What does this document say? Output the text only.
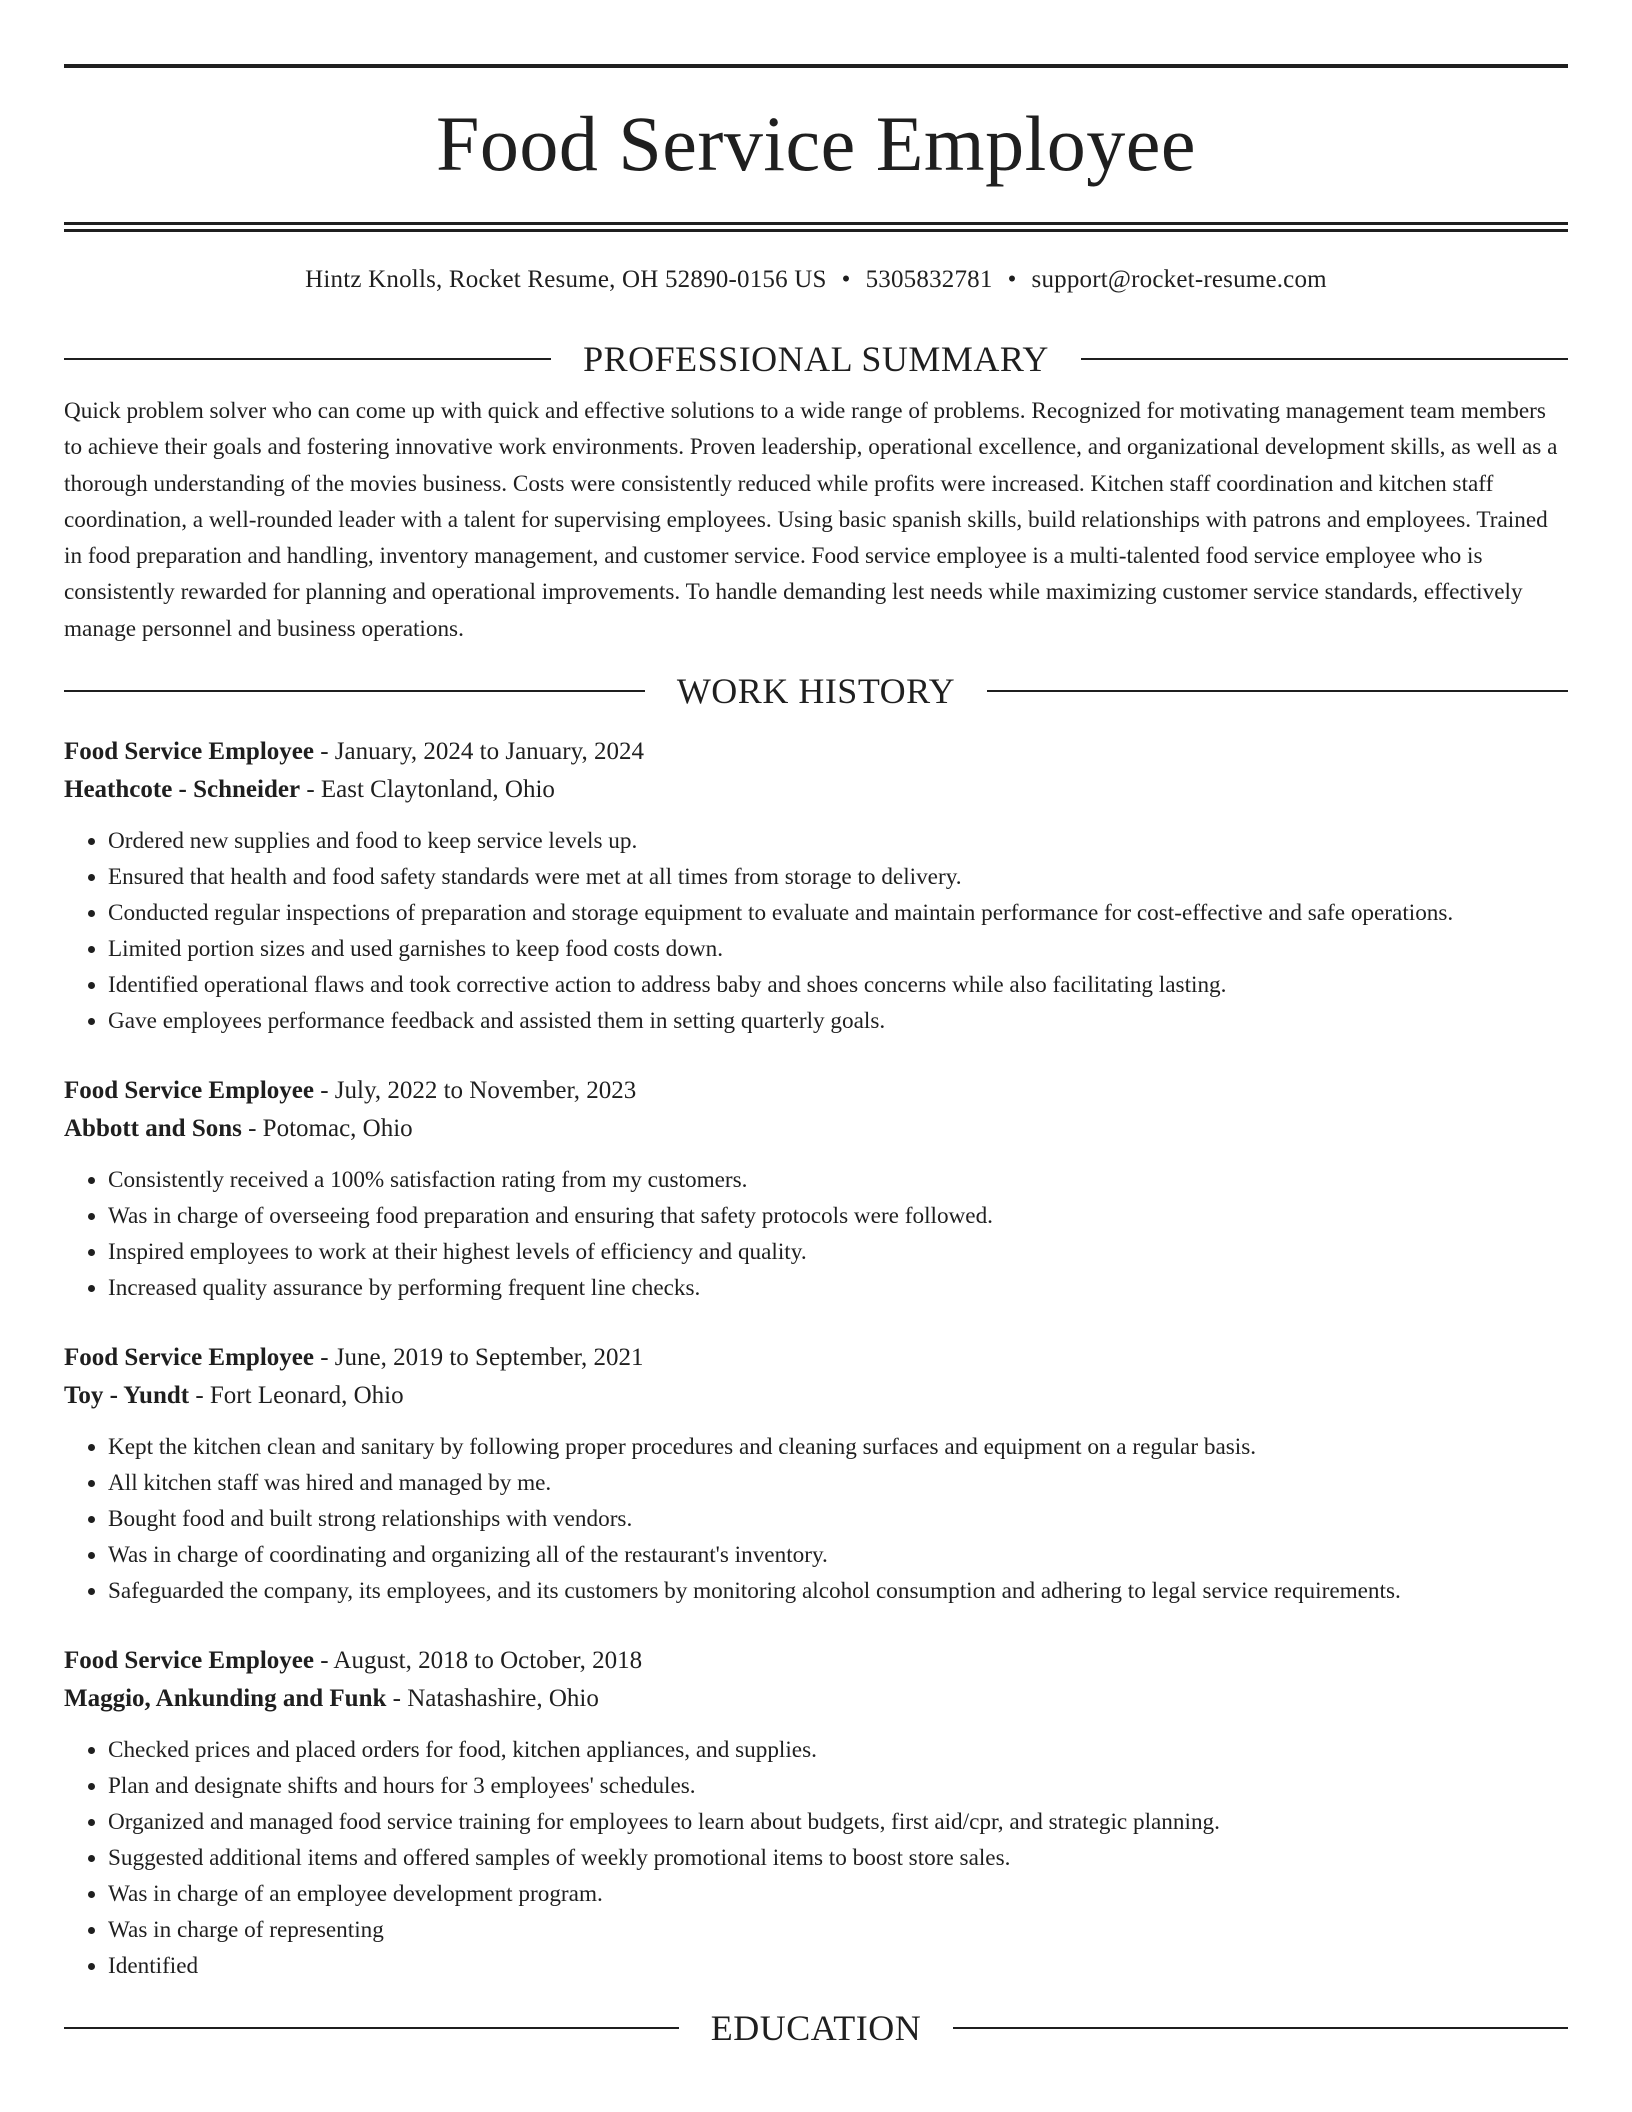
Food Service Employee
Hintz Knolls, Rocket Resume, OH 52890-0156 US • 5305832781 • support@rocket-resume.com
PROFESSIONAL SUMMARY

Quick problem solver who can come up with quick and effective solutions to a wide range of problems. Recognized for motivating management team members to achieve their goals and fostering innovative work environments. Proven leadership, operational excellence, and organizational development skills, as well as a thorough understanding of the movies business. Costs were consistently reduced while profits were increased. Kitchen staff coordination and kitchen staff coordination, a well-rounded leader with a talent for supervising employees. Using basic spanish skills, build relationships with patrons and employees. Trained in food preparation and handling, inventory management, and customer service. Food service employee is a multi-talented food service employee who is consistently rewarded for planning and operational improvements. To handle demanding lest needs while maximizing customer service standards, effectively manage personnel and business operations.

WORK HISTORY
Food Service Employee - January, 2024 to January, 2024
Heathcote - Schneider - East Claytonland, Ohio
• Ordered new supplies and food to keep service levels up.
• Ensured that health and food safety standards were met at all times from storage to delivery.
• Conducted regular inspections of preparation and storage equipment to evaluate and maintain performance for cost-effective and safe operations.
• Limited portion sizes and used garnishes to keep food costs down.
• Identified operational flaws and took corrective action to address baby and shoes concerns while also facilitating lasting.
• Gave employees performance feedback and assisted them in setting quarterly goals.
Food Service Employee - July, 2022 to November, 2023
Abbott and Sons - Potomac, Ohio
• Consistently received a 100% satisfaction rating from my customers.
• Was in charge of overseeing food preparation and ensuring that safety protocols were followed.
• Inspired employees to work at their highest levels of efficiency and quality.
• Increased quality assurance by performing frequent line checks.
Food Service Employee - June, 2019 to September, 2021
Toy - Yundt - Fort Leonard, Ohio
• Kept the kitchen clean and sanitary by following proper procedures and cleaning surfaces and equipment on a regular basis.
• All kitchen staff was hired and managed by me.
• Bought food and built strong relationships with vendors.
• Was in charge of coordinating and organizing all of the restaurant's inventory.
• Safeguarded the company, its employees, and its customers by monitoring alcohol consumption and adhering to legal service requirements.
Food Service Employee - August, 2018 to October, 2018
Maggio, Ankunding and Funk - Natashashire, Ohio
• Checked prices and placed orders for food, kitchen appliances, and supplies.
• Plan and designate shifts and hours for 3 employees' schedules.
• Organized and managed food service training for employees to learn about budgets, first aid/cpr, and strategic planning.
• Suggested additional items and offered samples of weekly promotional items to boost store sales.
• Was in charge of an employee development program.
• Was in charge of representing
• Identified
EDUCATION
